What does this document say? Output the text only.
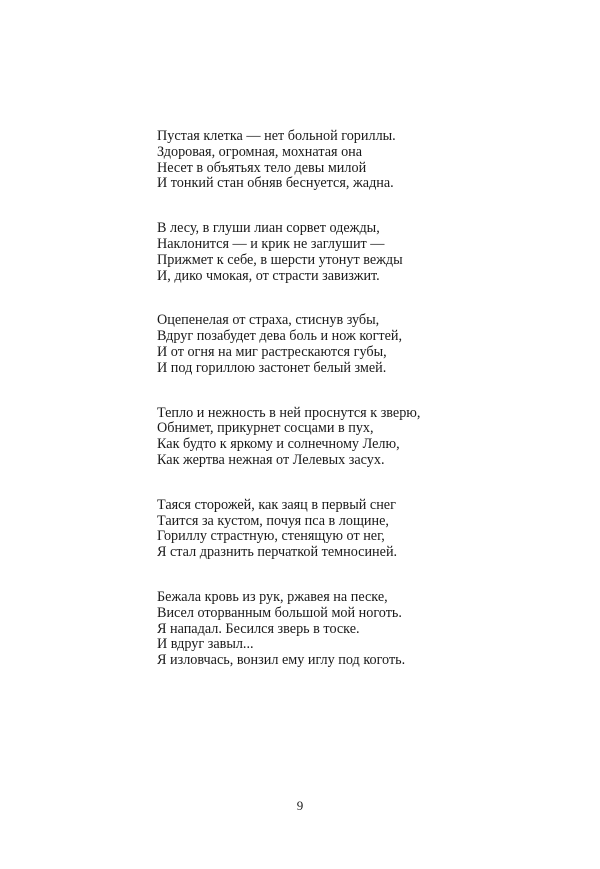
Пустая клетка — нет больной гориллы.
Здоровая, огромная, мохнатая она
Несет в объятьях тело девы милой
И тонкий стан обняв беснуется, жадна.
В лесу, в глуши лиан сорвет одежды,
Наклонится — и крик не заглушит —
Прижмет к себе, в шерсти утонут вежды
И, дико чмокая, от страсти завизжит.
Оцепенелая от страха, стиснув зубы,
Вдруг позабудет дева боль и нож когтей,
И от огня на миг растрескаются губы,
И под гориллою застонет белый змей.
Тепло и нежность в ней проснутся к зверю,
Обнимет, прикурнет сосцами в пух,
Как будто к яркому и солнечному Лелю,
Как жертва нежная от Лелевых засух.
Таяся сторожей, как заяц в первый снег
Таится за кустом, почуя пса в лощине,
Гориллу страстную, стенящую от нег,
Я стал дразнить перчаткой темносиней.
Бежала кровь из рук, ржавея на песке,
Висел оторванным большой мой ноготь.
Я нападал. Бесился зверь в тоске.
И вдруг завыл...
Я изловчась, вонзил ему иглу под коготь.
9
